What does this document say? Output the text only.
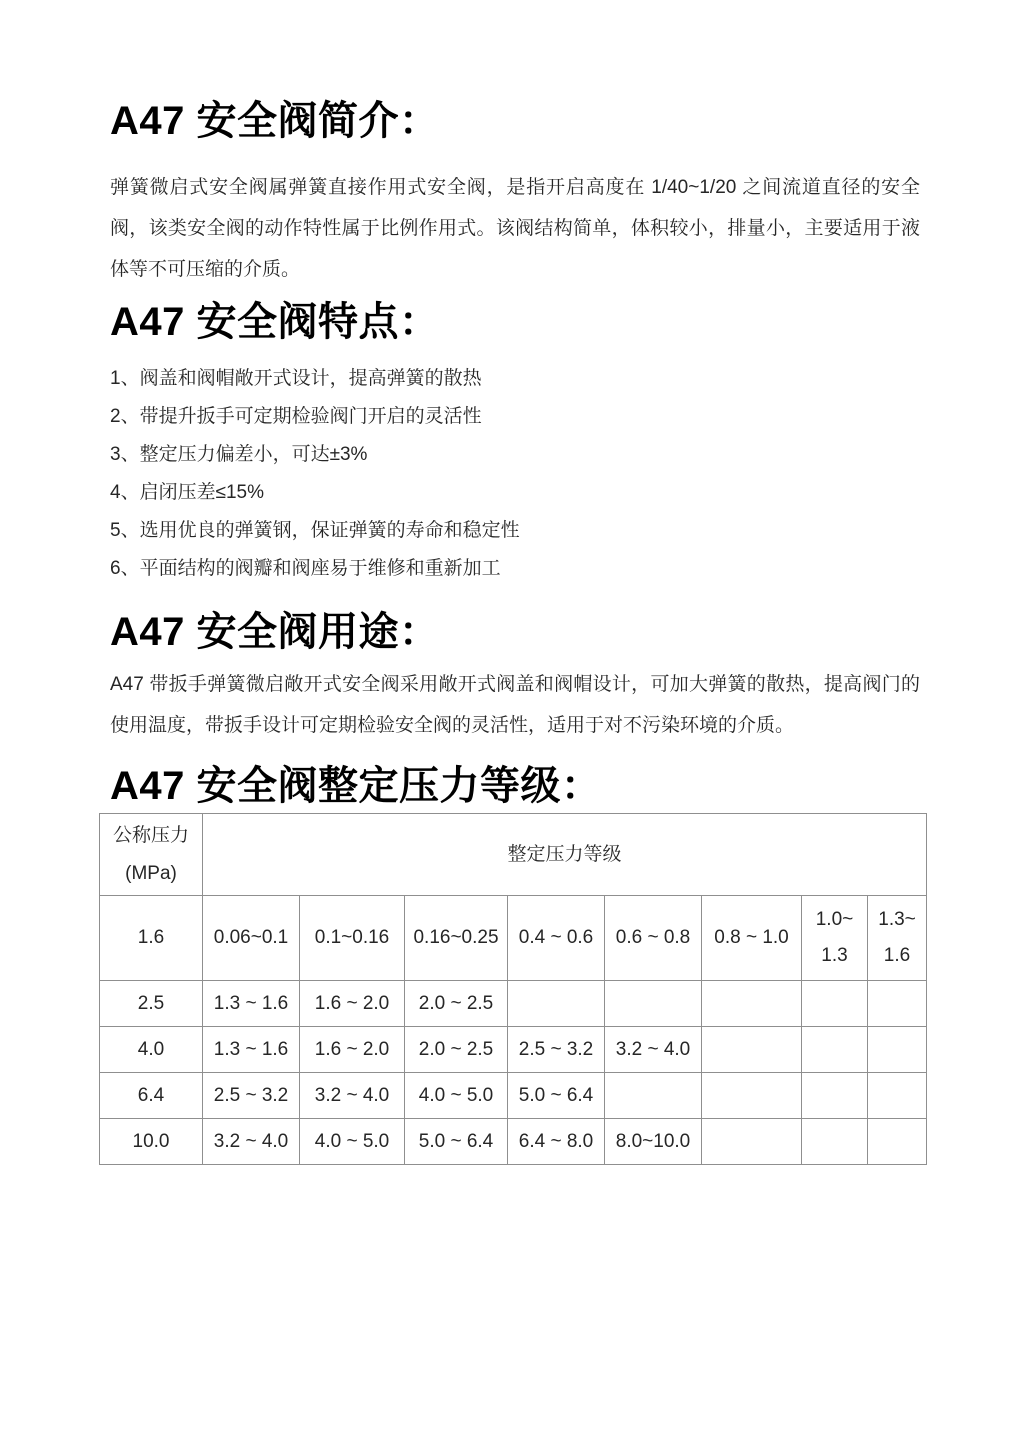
A47 安全阀简介：

弹簧微启式安全阀属弹簧直接作用式安全阀，是指开启高度在 1/40~1/20 之间流道直径的安全阀，该类安全阀的动作特性属于比例作用式。该阀结构简单，体积较小，排量小，主要适用于液体等不可压缩的介质。

A47 安全阀特点：
1、阀盖和阀帽敞开式设计，提高弹簧的散热
2、带提升扳手可定期检验阀门开启的灵活性
3、整定压力偏差小，可达±3%
4、启闭压差≤15%
5、选用优良的弹簧钢，保证弹簧的寿命和稳定性
6、平面结构的阀瓣和阀座易于维修和重新加工
A47 安全阀用途：

A47 带扳手弹簧微启敞开式安全阀采用敞开式阀盖和阀帽设计，可加大弹簧的散热，提高阀门的使用温度，带扳手设计可定期检验安全阀的灵活性，适用于对不污染环境的介质。

A47 安全阀整定压力等级：
公称压力
(MPa)	整定压力等级							
1.6	0.06~0.1	0.1~0.16	0.16~0.25	0.4 ~ 0.6	0.6 ~ 0.8	0.8 ~ 1.0	1.0~ 1.3	1.3~ 1.6
2.5	1.3 ~ 1.6	1.6 ~ 2.0	2.0 ~ 2.5					
4.0	1.3 ~ 1.6	1.6 ~ 2.0	2.0 ~ 2.5	2.5 ~ 3.2	3.2 ~ 4.0			
6.4	2.5 ~ 3.2	3.2 ~ 4.0	4.0 ~ 5.0	5.0 ~ 6.4				
10.0	3.2 ~ 4.0	4.0 ~ 5.0	5.0 ~ 6.4	6.4 ~ 8.0	8.0~10.0			
